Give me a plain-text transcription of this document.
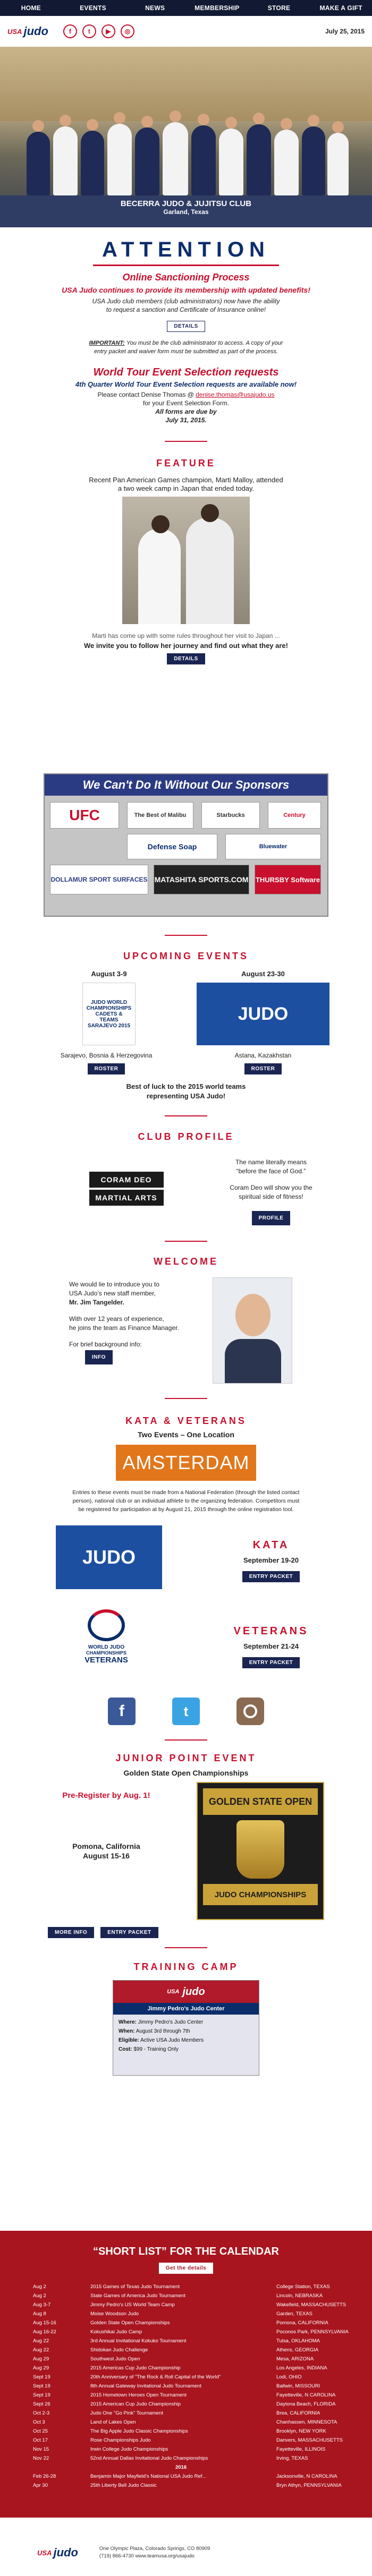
HOME	EVENTS	NEWS	MEMBERSHIP	STORE	MAKE A GIFT
USA judo	f	t	▶	◎	July 25, 2015
BECERRA JUDO & JUJITSU CLUB
Garland, Texas
ATTENTION
Online Sanctioning Process
USA Judo continues to provide its membership with updated benefits!
USA Judo club members (club administrators) now have the ability
to request a sanction and Certificate of Insurance online!
DETAILS
IMPORTANT: You must be the club administrator to access. A copy of your
entry packet and waiver form must be submitted as part of the process.
World Tour Event Selection requests
4th Quarter World Tour Event Selection requests are available now!
Please contact Denise Thomas @ denise.thomas@usajudo.us
for your Event Selection Form.
All forms are due by
July 31, 2015.
FEATURE
Recent Pan American Games champion, Marti Malloy, attended
a two week camp in Japan that ended today.
Marti has come up with some rules throughout her visit to Japan ...
We invite you to follow her journey and find out what they are!
DETAILS
We Can't Do It Without Our Sponsors
UFC	The Best of Malibu	Starbucks	Century
Defense Soap	Bluewater
DOLLAMUR SPORT SURFACES MATASHITA SPORTS.COM THURSBY Software
UPCOMING EVENTS
August 3-9	August 23-30
JUDO WORLD CHAMPIONSHIPS CADETS & TEAMS SARAJEVO 2015
JUDO
Sarajevo, Bosnia & Herzegovina	Astana, Kazakhstan
ROSTER	ROSTER
Best of luck to the 2015 world teams
representing USA Judo!
CLUB PROFILE
CORAM DEO
MARTIAL ARTS
The name literally means
“before the face of God.”
Coram Deo will show you the
spiritual side of fitness!
PROFILE
WELCOME
We would lie to introduce you to
USA Judo’s new staff member,
Mr. Jim Tangelder.
With over 12 years of experience,
he joins the team as Finance Manager.
For brief background info:
INFO
KATA & VETERANS
Two Events – One Location
AMSTERDAM
Entries to these events must be made from a National Federation (through the listed contact
person), national club or an individual athlete to the organizing federation. Competitors must
be registered for participation at by August 21, 2015 through the online registration tool.
JUDO
KATA
September 19-20
ENTRY PACKET
WORLD JUDO
CHAMPIONSHIPS
VETERANS
VETERANS
September 21-24
ENTRY PACKET
f	t
JUNIOR POINT EVENT
Golden State Open Championships
Pre-Register by Aug. 1!
Pomona, California
August 15-16
GOLDEN STATE OPEN
JUDO CHAMPIONSHIPS
MORE INFO	ENTRY PACKET
TRAINING CAMP
USA judo
Jimmy Pedro's Judo Center
Where: Jimmy Pedro's Judo Center
When: August 3rd through 7th
Eligible: Active USA Judo Members
Cost: $99 - Training Only
“SHORT LIST” FOR THE CALENDAR
Get the details
Aug 2	2015 Games of Texas Judo Tournament	College Station, TEXAS
Aug 2	State Games of America Judo Tournament	Lincoln, NEBRASKA
Aug 3-7	Jimmy Pedro's US World Team Camp	Wakefield, MASSACHUSETTS
Aug 8	Moise Woodson Judo	Garden, TEXAS
Aug 15-16	Golden State Open Championships	Pomona, CALIFORNIA
Aug 16-22	Kokushikai Judo Camp	Poconos Park, PENNSYLVANIA
Aug 22	3rd Annual Invitational Kokuko Tournament	Tulsa, OKLAHOMA
Aug 22	Shidokan Judo Challenge	Athens, GEORGIA
Aug 29	Southwest Judo Open	Mesa, ARIZONA
Aug 29	2015 Americas Cup Judo Championship	Los Angeles, INDIANA
Sept 19	20th Anniversary of "The Rock & Roll Capital of the World"	Lodi, OHIO
Sept 19	8th Annual Gateway Invitational Judo Tournament	Ballwin, MISSOURI
Sept 19	2015 Hometown Heroes Open Tournament	Fayetteville, N CAROLINA
Sept 26	2015 American Cup Judo Championship	Daytona Beach, FLORIDA
Oct 2-3	Judo One "Go Pink" Tournament	Brea, CALIFORNIA
Oct 3	Land of Lakes Open	Chanhassen, MINNESOTA
Oct 25	The Big Apple Judo Classic Championships	Brooklyn, NEW YORK
Oct 17	Rose Championships Judo	Danvers, MASSACHUSETTS
Nov 15	Irwin College Judo Championships	Fayetteville, ILLINOIS
Nov 22	52nd Annual Dallas Invitational Judo Championships	Irving, TEXAS
2016
Feb 26-28	Benjamin Major Mayfield's National USA Judo Ref...	Jacksonville, N CAROLINA
Apr 30	25th Liberty Bell Judo Classic	Bryn Athyn, PENNSYLVANIA
USA judo	One Olympic Plaza, Colorado Springs, CO 80909
(719) 866-4730 www.teamusa.org/usajudo
